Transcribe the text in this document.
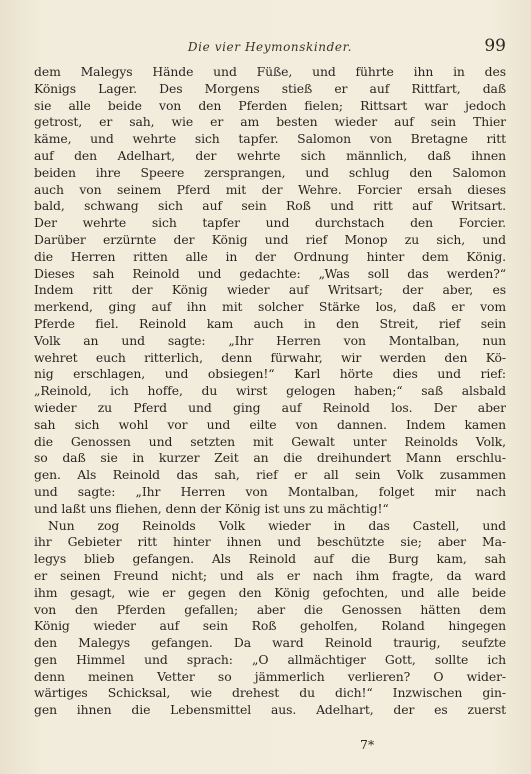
Die vier Heymonskinder.	99
dem Malegys Hände und Füße, und führte ihn in des
Königs Lager. Des Morgens stieß er auf Rittfart, daß
sie alle beide von den Pferden fielen; Rittsart war jedoch
getrost, er sah, wie er am besten wieder auf sein Thier
käme, und wehrte sich tapfer. Salomon von Bretagne ritt
auf den Adelhart, der wehrte sich männlich, daß ihnen
beiden ihre Speere zersprangen, und schlug den Salomon
auch von seinem Pferd mit der Wehre. Forcier ersah dieses
bald, schwang sich auf sein Roß und ritt auf Writsart.
Der wehrte sich tapfer und durchstach den Forcier.
Darüber erzürnte der König und rief Monop zu sich, und
die Herren ritten alle in der Ordnung hinter dem König.
Dieses sah Reinold und gedachte: „Was soll das werden?“
Indem ritt der König wieder auf Writsart; der aber, es
merkend, ging auf ihn mit solcher Stärke los, daß er vom
Pferde fiel. Reinold kam auch in den Streit, rief sein
Volk an und sagte: „Ihr Herren von Montalban, nun
wehret euch ritterlich, denn fürwahr, wir werden den Kö-
nig erschlagen, und obsiegen!“ Karl hörte dies und rief:
„Reinold, ich hoffe, du wirst gelogen haben;“ saß alsbald
wieder zu Pferd und ging auf Reinold los. Der aber
sah sich wohl vor und eilte von dannen. Indem kamen
die Genossen und setzten mit Gewalt unter Reinolds Volk,
so daß sie in kurzer Zeit an die dreihundert Mann erschlu-
gen. Als Reinold das sah, rief er all sein Volk zusammen
und sagte: „Ihr Herren von Montalban, folget mir nach
und laßt uns fliehen, denn der König ist uns zu mächtig!“
Nun zog Reinolds Volk wieder in das Castell, und
ihr Gebieter ritt hinter ihnen und beschützte sie; aber Ma-
legys blieb gefangen. Als Reinold auf die Burg kam, sah
er seinen Freund nicht; und als er nach ihm fragte, da ward
ihm gesagt, wie er gegen den König gefochten, und alle beide
von den Pferden gefallen; aber die Genossen hätten dem
König wieder auf sein Roß geholfen, Roland hingegen
den Malegys gefangen. Da ward Reinold traurig, seufzte
gen Himmel und sprach: „O allmächtiger Gott, sollte ich
denn meinen Vetter so jämmerlich verlieren? O wider-
wärtiges Schicksal, wie drehest du dich!“ Inzwischen gin-
gen ihnen die Lebensmittel aus. Adelhart, der es zuerst
7*
